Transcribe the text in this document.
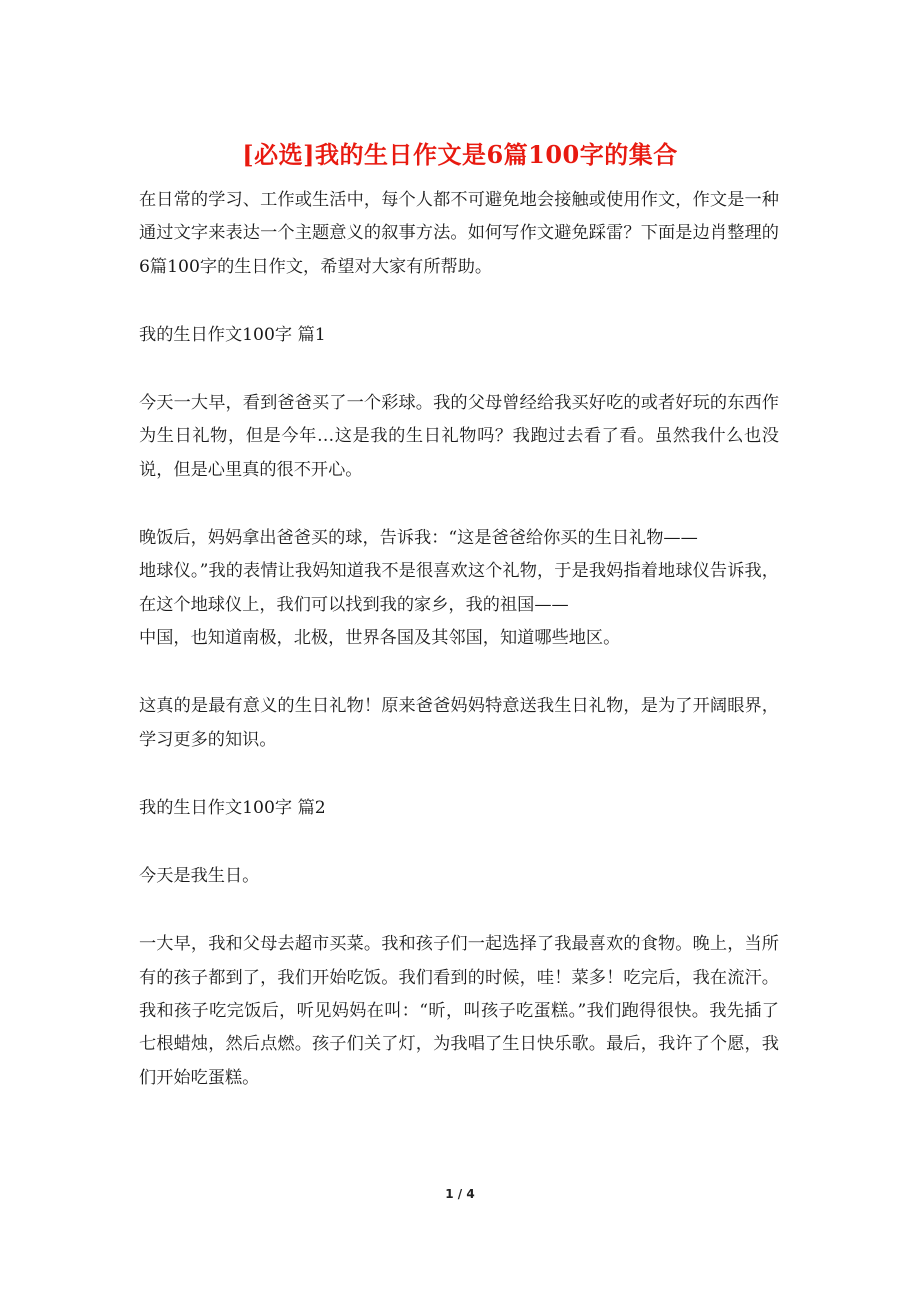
[必选]我的生日作文是6篇100字的集合

在日常的学习、工作或生活中，每个人都不可避免地会接触或使用作文，作文是一种通过文字来表达一个主题意义的叙事方法。如何写作文避免踩雷？下面是边肖整理的6篇100字的生日作文，希望对大家有所帮助。

我的生日作文100字 篇1

今天一大早，看到爸爸买了一个彩球。我的父母曾经给我买好吃的或者好玩的东西作为生日礼物，但是今年…这是我的生日礼物吗？我跑过去看了看。虽然我什么也没说，但是心里真的很不开心。

晚饭后，妈妈拿出爸爸买的球，告诉我：“这是爸爸给你买的生日礼物——

地球仪。”我的表情让我妈知道我不是很喜欢这个礼物，于是我妈指着地球仪告诉我，在这个地球仪上，我们可以找到我的家乡，我的祖国——

中国，也知道南极，北极，世界各国及其邻国，知道哪些地区。

这真的是最有意义的生日礼物！原来爸爸妈妈特意送我生日礼物，是为了开阔眼界，学习更多的知识。

我的生日作文100字 篇2

今天是我生日。

一大早，我和父母去超市买菜。我和孩子们一起选择了我最喜欢的食物。晚上，当所有的孩子都到了，我们开始吃饭。我们看到的时候，哇！菜多！吃完后，我在流汗。我和孩子吃完饭后，听见妈妈在叫：“昕，叫孩子吃蛋糕。”我们跑得很快。我先插了七根蜡烛，然后点燃。孩子们关了灯，为我唱了生日快乐歌。最后，我许了个愿，我们开始吃蛋糕。

1 / 4
